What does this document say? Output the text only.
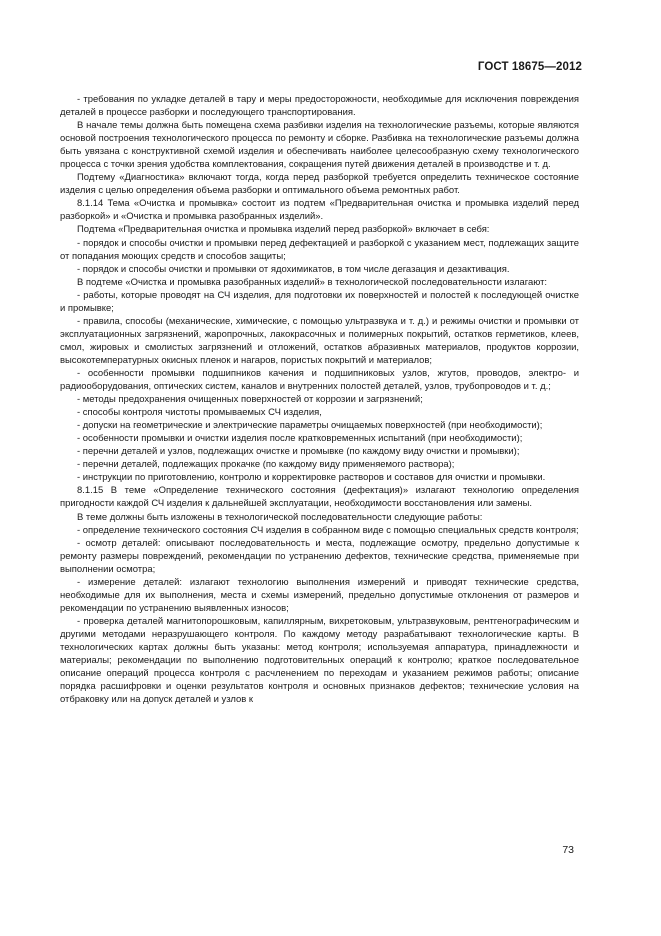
ГОСТ 18675—2012

- требования по укладке деталей в тару и меры предосторожности, необходимые для исключения повреждения деталей в процессе разборки и последующего транспортирования.

В начале темы должна быть помещена схема разбивки изделия на технологические разъемы, которые являются основой построения технологического процесса по ремонту и сборке. Разбивка на технологические разъемы должна быть увязана с конструктивной схемой изделия и обеспечивать наиболее целесообразную схему технологического процесса с точки зрения удобства комплектования, сокращения путей движения деталей в производстве и т. д.

Подтему «Диагностика» включают тогда, когда перед разборкой требуется определить техническое состояние изделия с целью определения объема разборки и оптимального объема ремонтных работ.

8.1.14 Тема «Очистка и промывка» состоит из подтем «Предварительная очистка и промывка изделий перед разборкой» и «Очистка и промывка разобранных изделий».

Подтема «Предварительная очистка и промывка изделий перед разборкой» включает в себя:

- порядок и способы очистки и промывки перед дефектацией и разборкой с указанием мест, подлежащих защите от попадания моющих средств и способов защиты;

- порядок и способы очистки и промывки от ядохимикатов, в том числе дегазация и дезактивация.

В подтеме «Очистка и промывка разобранных изделий» в технологической последовательности излагают:

- работы, которые проводят на СЧ изделия, для подготовки их поверхностей и полостей к последующей очистке и промывке;

- правила, способы (механические, химические, с помощью ультразвука и т. д.) и режимы очистки и промывки от эксплуатационных загрязнений, жаропрочных, лакокрасочных и полимерных покрытий, остатков герметиков, клеев, смол, жировых и смолистых загрязнений и отложений, остатков абразивных материалов, продуктов коррозии, высокотемпературных окисных пленок и нагаров, пористых покрытий и материалов;

- особенности промывки подшипников качения и подшипниковых узлов, жгутов, проводов, электро- и радиооборудования, оптических систем, каналов и внутренних полостей деталей, узлов, трубопроводов и т. д.;

- методы предохранения очищенных поверхностей от коррозии и загрязнений;

- способы контроля чистоты промываемых СЧ изделия,

- допуски на геометрические и электрические параметры очищаемых поверхностей (при необходимости);

- особенности промывки и очистки изделия после кратковременных испытаний (при необходимости);

- перечни деталей и узлов, подлежащих очистке и промывке (по каждому виду очистки и промывки);

- перечни деталей, подлежащих прокачке (по каждому виду применяемого раствора);

- инструкции по приготовлению, контролю и корректировке растворов и составов для очистки и промывки.

8.1.15 В теме «Определение технического состояния (дефектация)» излагают технологию определения пригодности каждой СЧ изделия к дальнейшей эксплуатации, необходимости восстановления или замены.

В теме должны быть изложены в технологической последовательности следующие работы:

- определение технического состояния СЧ изделия в собранном виде с помощью специальных средств контроля;

- осмотр деталей: описывают последовательность и места, подлежащие осмотру, предельно допустимые к ремонту размеры повреждений, рекомендации по устранению дефектов, технические средства, применяемые при выполнении осмотра;

- измерение деталей: излагают технологию выполнения измерений и приводят технические средства, необходимые для их выполнения, места и схемы измерений, предельно допустимые отклонения от размеров и рекомендации по устранению выявленных износов;

- проверка деталей магнитопорошковым, капиллярным, вихретоковым, ультразвуковым, рентгенографическим и другими методами неразрушающего контроля. По каждому методу разрабатывают технологические карты. В технологических картах должны быть указаны: метод контроля; используемая аппаратура, принадлежности и материалы; рекомендации по выполнению подготовительных операций к контролю; краткое последовательное описание операций процесса контроля с расчленением по переходам и указанием режимов работы; описание порядка расшифровки и оценки результатов контроля и основных признаков дефектов; технические условия на отбраковку или на допуск деталей и узлов к

73
